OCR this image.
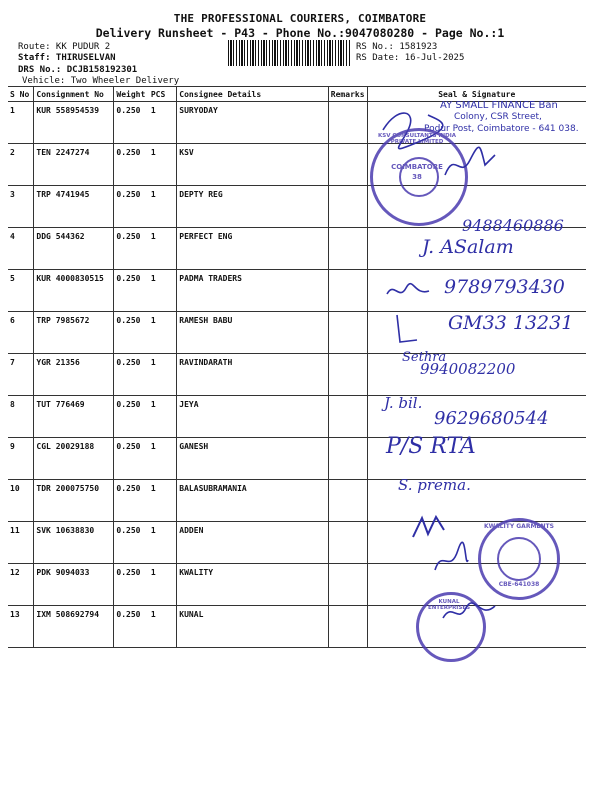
THE PROFESSIONAL COURIERS, COIMBATORE
Delivery Runsheet - P43 - Phone No.:9047080280 - Page No.:1
Route: KK PUDUR 2
Staff: THIRUSELVAN
DRS No.: DCJB158192301
Vehicle: Two Wheeler Delivery
RS No.: 1581923
RS Date: 16-Jul-2025
S No	Consignment No	Weight	PCS	Consignee Details	Remarks	Seal & Signature
1	KUR 558954539	0.250	1	SURYODAY		
2	TEN 2247274	0.250	1	KSV		
3	TRP 4741945	0.250	1	DEPTY REG		
4	DDG 544362	0.250	1	PERFECT ENG		
5	KUR 4000830515	0.250	1	PADMA TRADERS		
6	TRP 7985672	0.250	1	RAMESH BABU		
7	YGR 21356	0.250	1	RAVINDARATH		
8	TUT 776469	0.250	1	JEYA		
9	CGL 20029188	0.250	1	GANESH		
10	TDR 200075750	0.250	1	BALASUBRAMANIA		
11	SVK 10638830	0.250	1	ADDEN		
12	PDK 9094033	0.250	1	KWALITY		
13	IXM 508692794	0.250	1	KUNAL		
AY SMALL FINANCE Ban
Colony, CSR Street,
Podur Post, Coimbatore - 641 038.
COIMBATORE
38
KSV CONSULTANTS INDIA PRIVATE LIMITED
9488460886
J. ASalam
9789793430
GM33 13231
Sethra
9940082200
J. bil.
9629680544
P/S RTA
S. prema.
KWALITY GARMENTS
CBE-641038
KUNAL ENTERPRISES
